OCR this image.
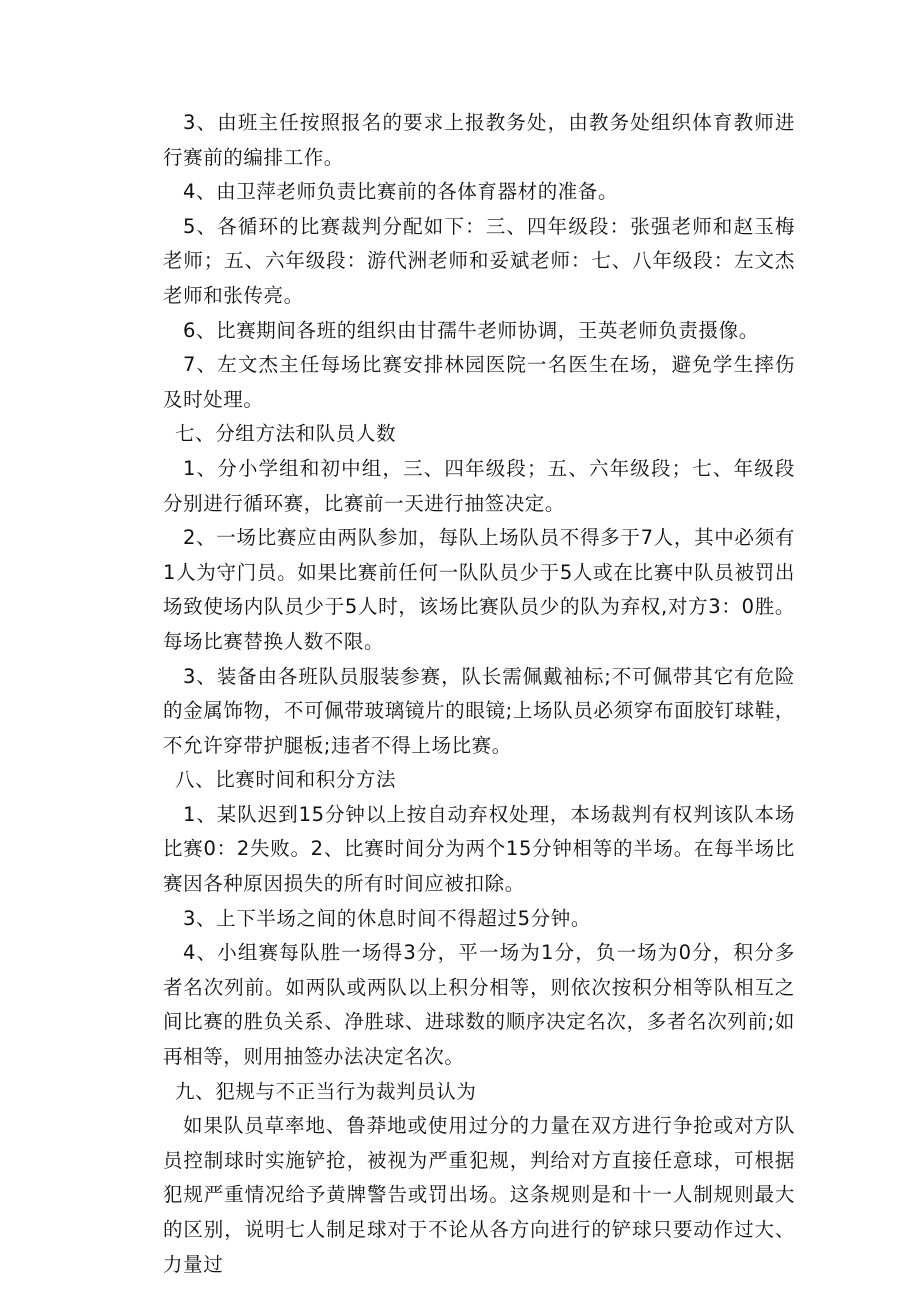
3、由班主任按照报名的要求上报教务处，由教务处组织体育教师进行赛前的编排工作。

4、由卫萍老师负责比赛前的各体育器材的准备。

5、各循环的比赛裁判分配如下：三、四年级段：张强老师和赵玉梅老师；五、六年级段：游代洲老师和妥斌老师：七、八年级段：左文杰老师和张传亮。

6、比赛期间各班的组织由甘孺牛老师协调，王英老师负责摄像。

7、左文杰主任每场比赛安排林园医院一名医生在场，避免学生摔伤及时处理。

七、分组方法和队员人数

1、分小学组和初中组，三、四年级段；五、六年级段；七、年级段分别进行循环赛，比赛前一天进行抽签决定。

2、一场比赛应由两队参加，每队上场队员不得多于7人，其中必须有1人为守门员。如果比赛前任何一队队员少于5人或在比赛中队员被罚出场致使场内队员少于5人时，该场比赛队员少的队为弃权,对方3：0胜。每场比赛替换人数不限。

3、装备由各班队员服装参赛，队长需佩戴袖标;不可佩带其它有危险的金属饰物，不可佩带玻璃镜片的眼镜;上场队员必须穿布面胶钉球鞋，不允许穿带护腿板;违者不得上场比赛。

八、比赛时间和积分方法

1、某队迟到15分钟以上按自动弃权处理，本场裁判有权判该队本场比赛0：2失败。2、比赛时间分为两个15分钟相等的半场。在每半场比赛因各种原因损失的所有时间应被扣除。

3、上下半场之间的休息时间不得超过5分钟。

4、小组赛每队胜一场得3分，平一场为1分，负一场为0分，积分多者名次列前。如两队或两队以上积分相等，则依次按积分相等队相互之间比赛的胜负关系、净胜球、进球数的顺序决定名次，多者名次列前;如再相等，则用抽签办法决定名次。

九、犯规与不正当行为裁判员认为

如果队员草率地、鲁莽地或使用过分的力量在双方进行争抢或对方队员控制球时实施铲抢，被视为严重犯规，判给对方直接任意球，可根据犯规严重情况给予黄牌警告或罚出场。这条规则是和十一人制规则最大的区别，说明七人制足球对于不论从各方向进行的铲球只要动作过大、力量过
